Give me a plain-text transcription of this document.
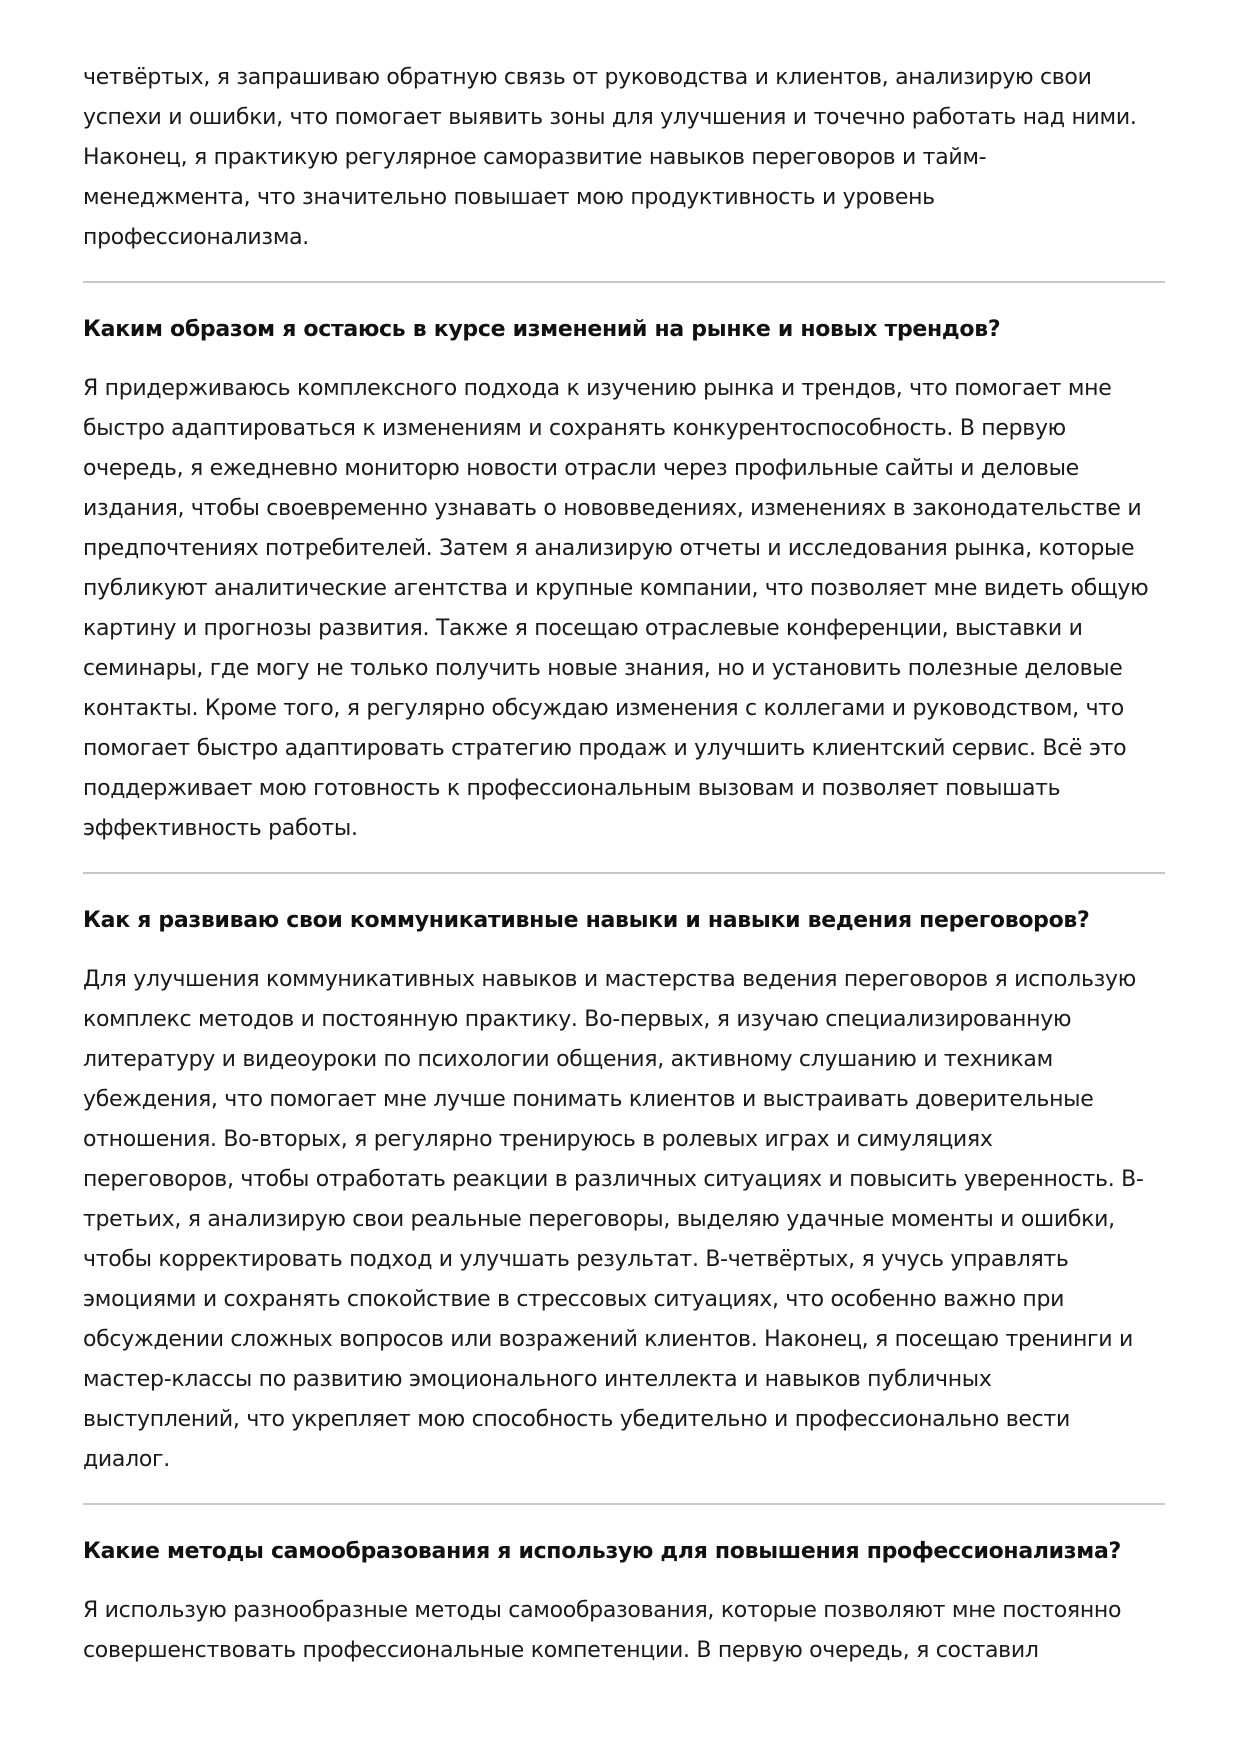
четвёртых, я запрашиваю обратную связь от руководства и клиентов, анализирую свои
успехи и ошибки, что помогает выявить зоны для улучшения и точечно работать над ними.
Наконец, я практикую регулярное саморазвитие навыков переговоров и тайм-
менеджмента, что значительно повышает мою продуктивность и уровень
профессионализма.

Каким образом я остаюсь в курсе изменений на рынке и новых трендов?

Я придерживаюсь комплексного подхода к изучению рынка и трендов, что помогает мне
быстро адаптироваться к изменениям и сохранять конкурентоспособность. В первую
очередь, я ежедневно мониторю новости отрасли через профильные сайты и деловые
издания, чтобы своевременно узнавать о нововведениях, изменениях в законодательстве и
предпочтениях потребителей. Затем я анализирую отчеты и исследования рынка, которые
публикуют аналитические агентства и крупные компании, что позволяет мне видеть общую
картину и прогнозы развития. Также я посещаю отраслевые конференции, выставки и
семинары, где могу не только получить новые знания, но и установить полезные деловые
контакты. Кроме того, я регулярно обсуждаю изменения с коллегами и руководством, что
помогает быстро адаптировать стратегию продаж и улучшить клиентский сервис. Всё это
поддерживает мою готовность к профессиональным вызовам и позволяет повышать
эффективность работы.

Как я развиваю свои коммуникативные навыки и навыки ведения переговоров?

Для улучшения коммуникативных навыков и мастерства ведения переговоров я использую
комплекс методов и постоянную практику. Во-первых, я изучаю специализированную
литературу и видеоуроки по психологии общения, активному слушанию и техникам
убеждения, что помогает мне лучше понимать клиентов и выстраивать доверительные
отношения. Во-вторых, я регулярно тренируюсь в ролевых играх и симуляциях
переговоров, чтобы отработать реакции в различных ситуациях и повысить уверенность. В-
третьих, я анализирую свои реальные переговоры, выделяю удачные моменты и ошибки,
чтобы корректировать подход и улучшать результат. В-четвёртых, я учусь управлять
эмоциями и сохранять спокойствие в стрессовых ситуациях, что особенно важно при
обсуждении сложных вопросов или возражений клиентов. Наконец, я посещаю тренинги и
мастер-классы по развитию эмоционального интеллекта и навыков публичных
выступлений, что укрепляет мою способность убедительно и профессионально вести
диалог.

Какие методы самообразования я использую для повышения профессионализма?

Я использую разнообразные методы самообразования, которые позволяют мне постоянно
совершенствовать профессиональные компетенции. В первую очередь, я составил
